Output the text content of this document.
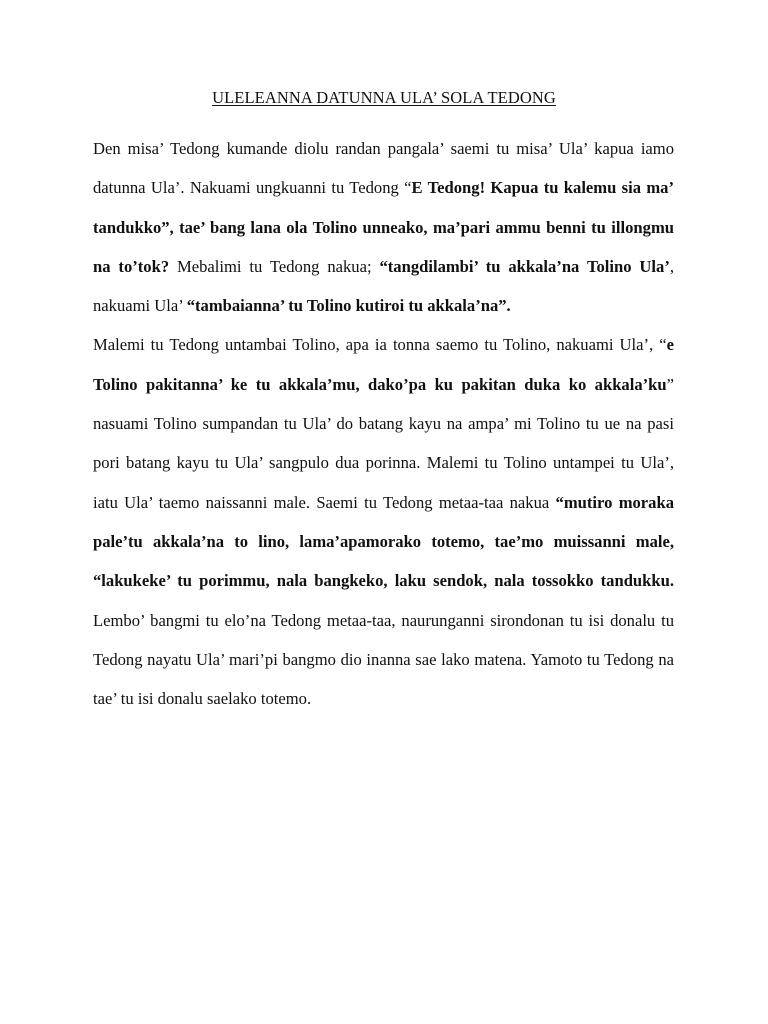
ULELEANNA DATUNNA ULA’ SOLA TEDONG

Den misa’ Tedong kumande diolu randan pangala’ saemi tu misa’ Ula’ kapua iamo datunna Ula’. Nakuami ungkuanni tu Tedong “E Tedong! Kapua tu kalemu sia ma’ tandukko”, tae’ bang lana ola Tolino unneako, ma’pari ammu benni tu illongmu na to’tok? Mebalimi tu Tedong nakua; “tangdilambi’ tu akkala’na Tolino Ula’, nakuami Ula’ “tambaianna’ tu Tolino kutiroi tu akkala’na”.

Malemi tu Tedong untambai Tolino, apa ia tonna saemo tu Tolino, nakuami Ula’, “e Tolino pakitanna’ ke tu akkala’mu, dako’pa ku pakitan duka ko akkala’ku” nasuami Tolino sumpandan tu Ula’ do batang kayu na ampa’ mi Tolino tu ue na pasi pori batang kayu tu Ula’ sangpulo dua porinna. Malemi tu Tolino untampei tu Ula’, iatu Ula’ taemo naissanni male. Saemi tu Tedong metaa-taa nakua “mutiro moraka pale’tu akkala’na to lino, lama’apamorako totemo, tae’mo muissanni male, “lakukeke’ tu porimmu, nala bangkeko, laku sendok, nala tossokko tandukku. Lembo’ bangmi tu elo’na Tedong metaa-taa, naurunganni sirondonan tu isi donalu tu Tedong nayatu Ula’ mari’pi bangmo dio inanna sae lako matena. Yamoto tu Tedong na tae’ tu isi donalu saelako totemo.
